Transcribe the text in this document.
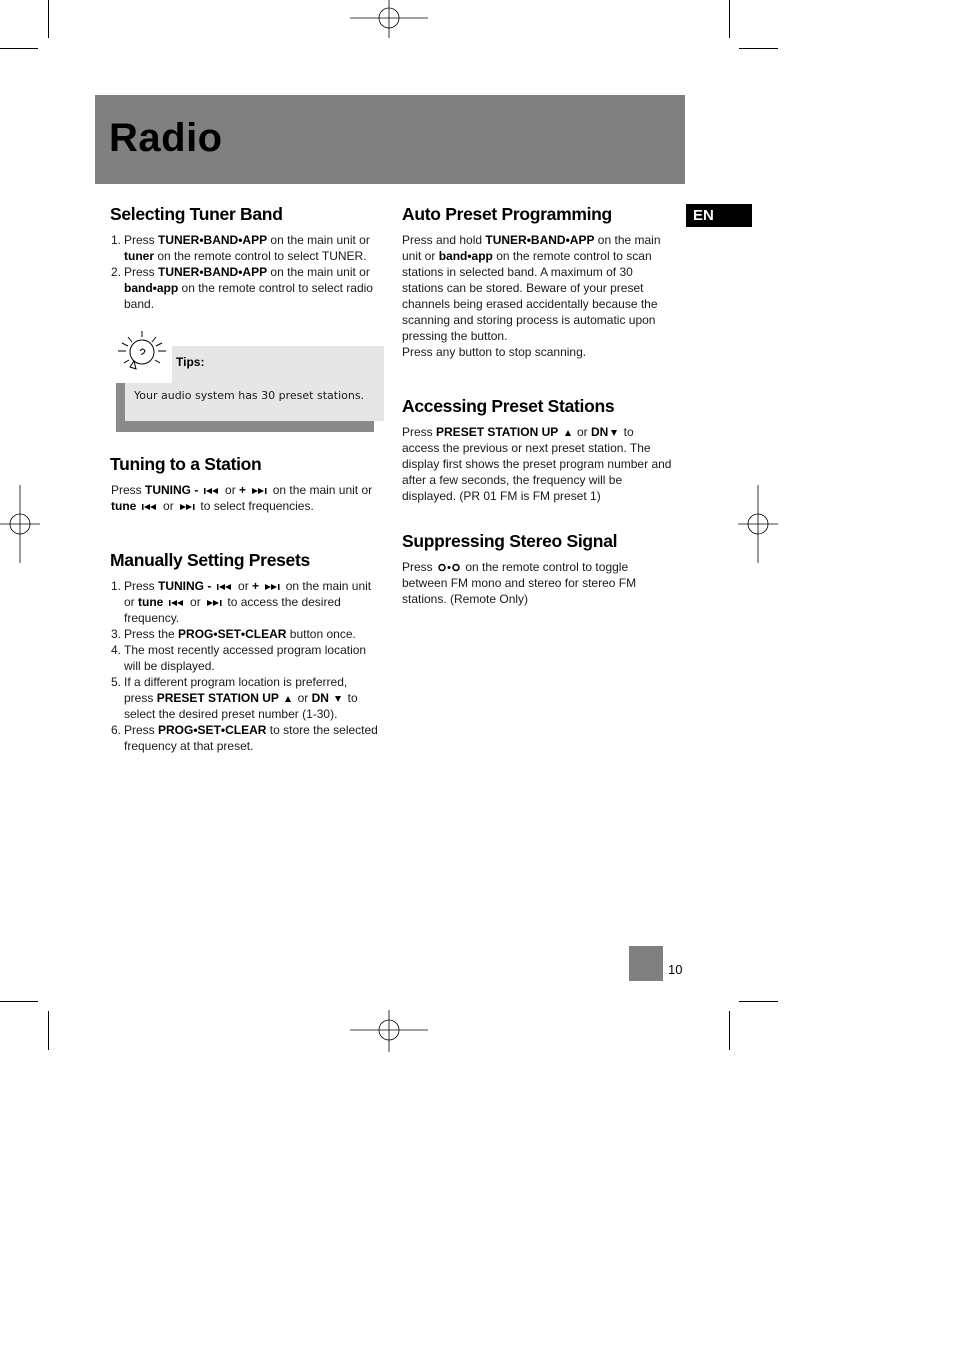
Radio
EN
Selecting Tuner Band
1. Press TUNER•BAND•APP on the main unit or
tuner on the remote control to select TUNER.
2. Press TUNER•BAND•APP on the main unit or
band•app on the remote control to select radio band.
Tips:
Your audio system has 30 preset stations.
Tuning to a Station
Press TUNING -  or +  on the main unit or
tune  or  to select frequencies.
Manually Setting Presets
1. Press TUNING -  or +  on the main unit
or tune  or  to access the desired frequency.
3. Press the PROG•SET•CLEAR button once.
4. The most recently accessed program location will be displayed.
5. If a different program location is preferred, press PRESET STATION UP  or DN  to
select the desired preset number (1-30).
6. Press PROG•SET•CLEAR to store the selected frequency at that preset.
Auto Preset Programming
Press and hold TUNER•BAND•APP on the main unit or band•app on the remote control to scan stations in selected band. A maximum of 30 stations can be stored. Beware of your preset channels being erased accidentally because the scanning and storing process is automatic upon pressing the button.
Press any button to stop scanning.
Accessing Preset Stations
Press PRESET STATION UP  or DN to access the previous or next preset station. The display first shows the preset program number and after a few seconds, the frequency will be displayed. (PR 01 FM is FM preset 1)
Suppressing Stereo Signal
Press  on the remote control to toggle between FM mono and stereo for stereo FM stations. (Remote Only)
10
